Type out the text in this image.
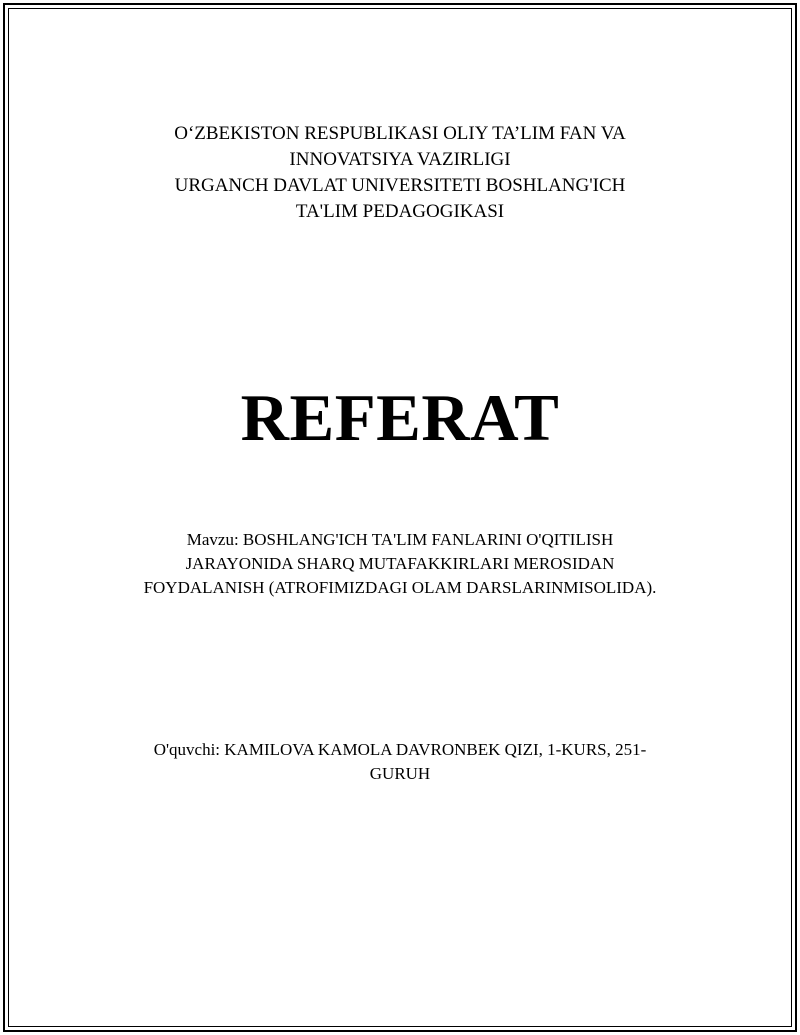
O‘ZBEKISTON RESPUBLIKASI OLIY TA’LIM FAN VA
INNOVATSIYA VAZIRLIGI
URGANCH DAVLAT UNIVERSITETI BOSHLANG'ICH
TA'LIM PEDAGOGIKASI
REFERAT
Mavzu: BOSHLANG'ICH TA'LIM FANLARINI O'QITILISH
JARAYONIDA SHARQ MUTAFAKKIRLARI MEROSIDAN
FOYDALANISH (ATROFIMIZDAGI OLAM DARSLARINMISOLIDA).
O'quvchi: KAMILOVA KAMOLA DAVRONBEK QIZI, 1-KURS, 251-
GURUH
